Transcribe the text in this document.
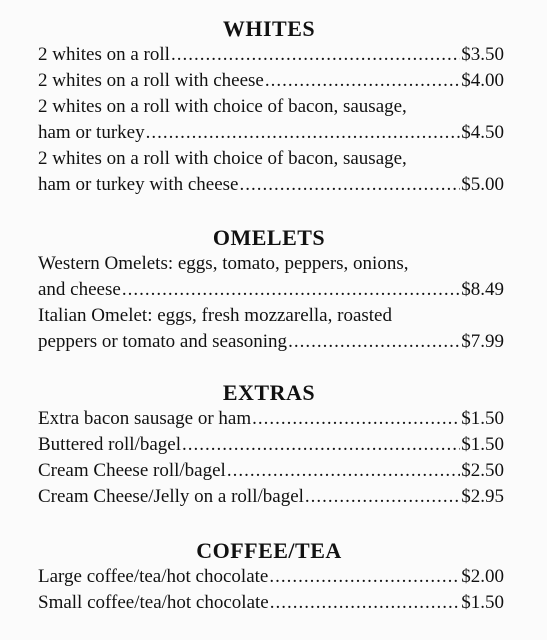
WHITES
2 whites on a roll .....	$3.50
2 whites on a roll with cheese .....	$4.00
2 whites on a roll with choice of bacon, sausage,
ham or turkey .....	$4.50
2 whites on a roll with choice of bacon, sausage,
ham or turkey with cheese .....	$5.00
OMELETS
Western Omelets: eggs, tomato, peppers, onions,
and cheese .....	$8.49
Italian Omelet: eggs, fresh mozzarella, roasted
peppers or tomato and seasoning .....	$7.99
EXTRAS
Extra bacon sausage or ham .....	$1.50
Buttered roll/bagel .....	$1.50
Cream Cheese roll/bagel .....	$2.50
Cream Cheese/Jelly on a roll/bagel .....	$2.95
COFFEE/TEA
Large coffee/tea/hot chocolate .....	$2.00
Small coffee/tea/hot chocolate .....	$1.50
